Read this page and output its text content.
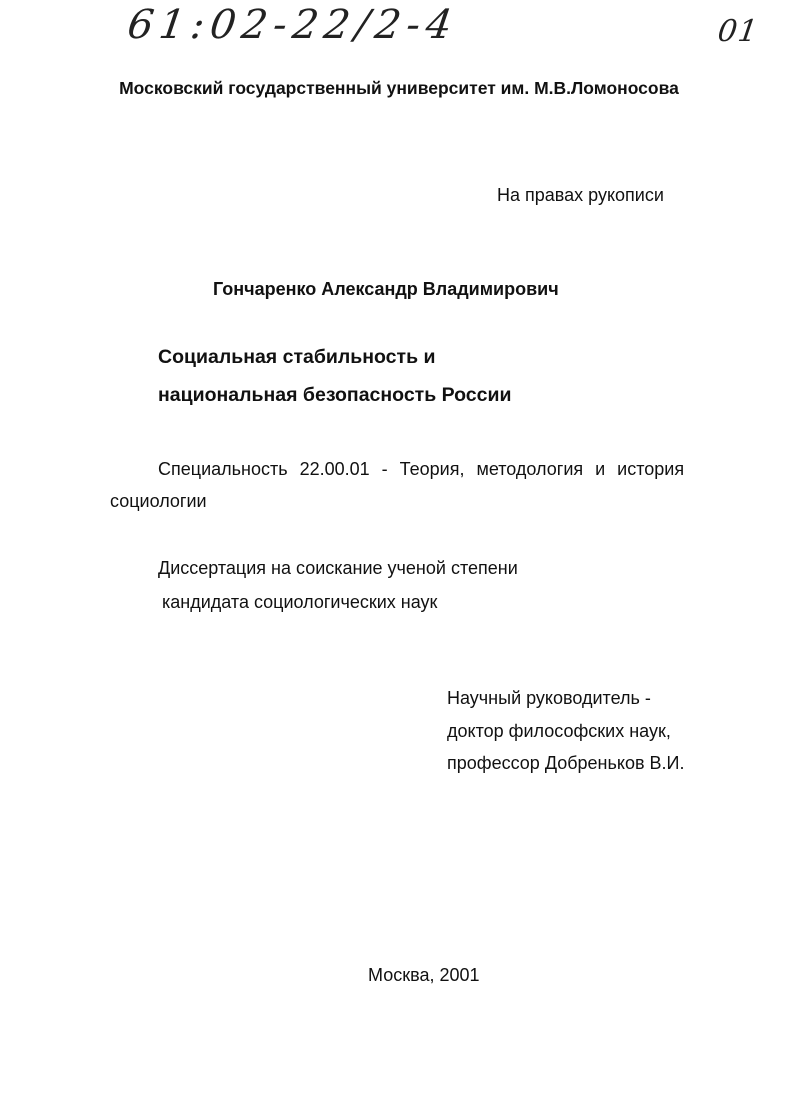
61:02-22/2-4	01
Московский государственный университет им. М.В.Ломоносова
На правах рукописи
Гончаренко Александр Владимирович
Социальная стабильность и
национальная безопасность России
Специальность 22.00.01 - Теория, методология и история
социологии
Диссертация на соискание ученой степени
кандидата социологических наук
Научный руководитель -
доктор философских наук,
профессор Добреньков В.И.
Москва, 2001
